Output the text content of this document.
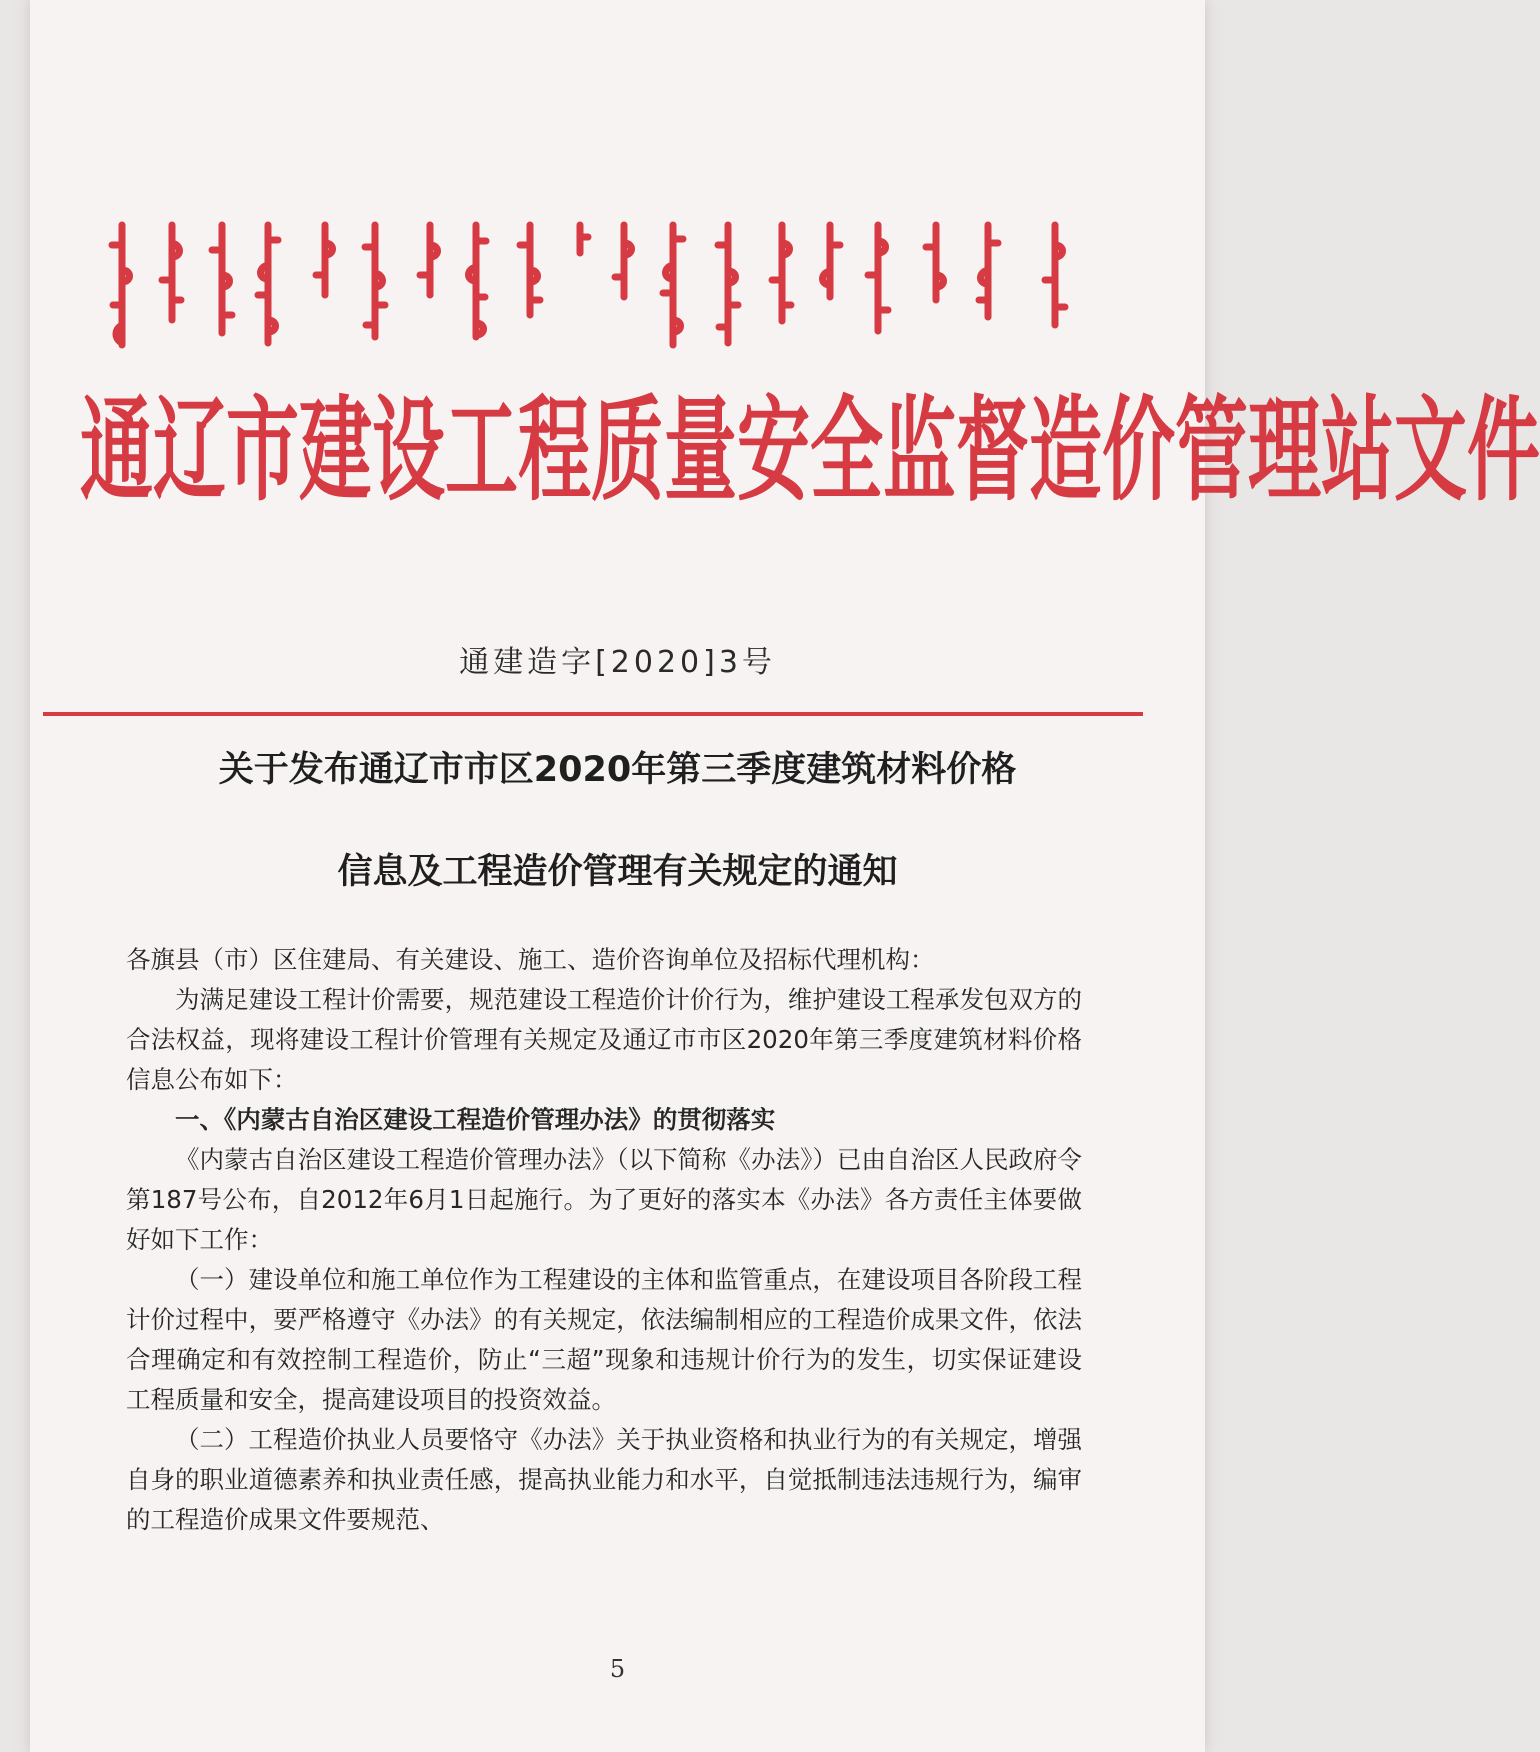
通辽市建设工程质量安全监督造价管理站文件
通建造字[2020]3号
关于发布通辽市市区2020年第三季度建筑材料价格
信息及工程造价管理有关规定的通知

各旗县（市）区住建局、有关建设、施工、造价咨询单位及招标代理机构：

为满足建设工程计价需要，规范建设工程造价计价行为，维护建设工程承发包双方的合法权益，现将建设工程计价管理有关规定及通辽市市区2020年第三季度建筑材料价格信息公布如下：

一、《内蒙古自治区建设工程造价管理办法》的贯彻落实

《内蒙古自治区建设工程造价管理办法》（以下简称《办法》）已由自治区人民政府令第187号公布，自2012年6月1日起施行。为了更好的落实本《办法》各方责任主体要做好如下工作：

（一）建设单位和施工单位作为工程建设的主体和监管重点，在建设项目各阶段工程计价过程中，要严格遵守《办法》的有关规定，依法编制相应的工程造价成果文件，依法合理确定和有效控制工程造价，防止“三超”现象和违规计价行为的发生，切实保证建设工程质量和安全，提高建设项目的投资效益。

（二）工程造价执业人员要恪守《办法》关于执业资格和执业行为的有关规定，增强自身的职业道德素养和执业责任感，提高执业能力和水平，自觉抵制违法违规行为，编审的工程造价成果文件要规范、

5
